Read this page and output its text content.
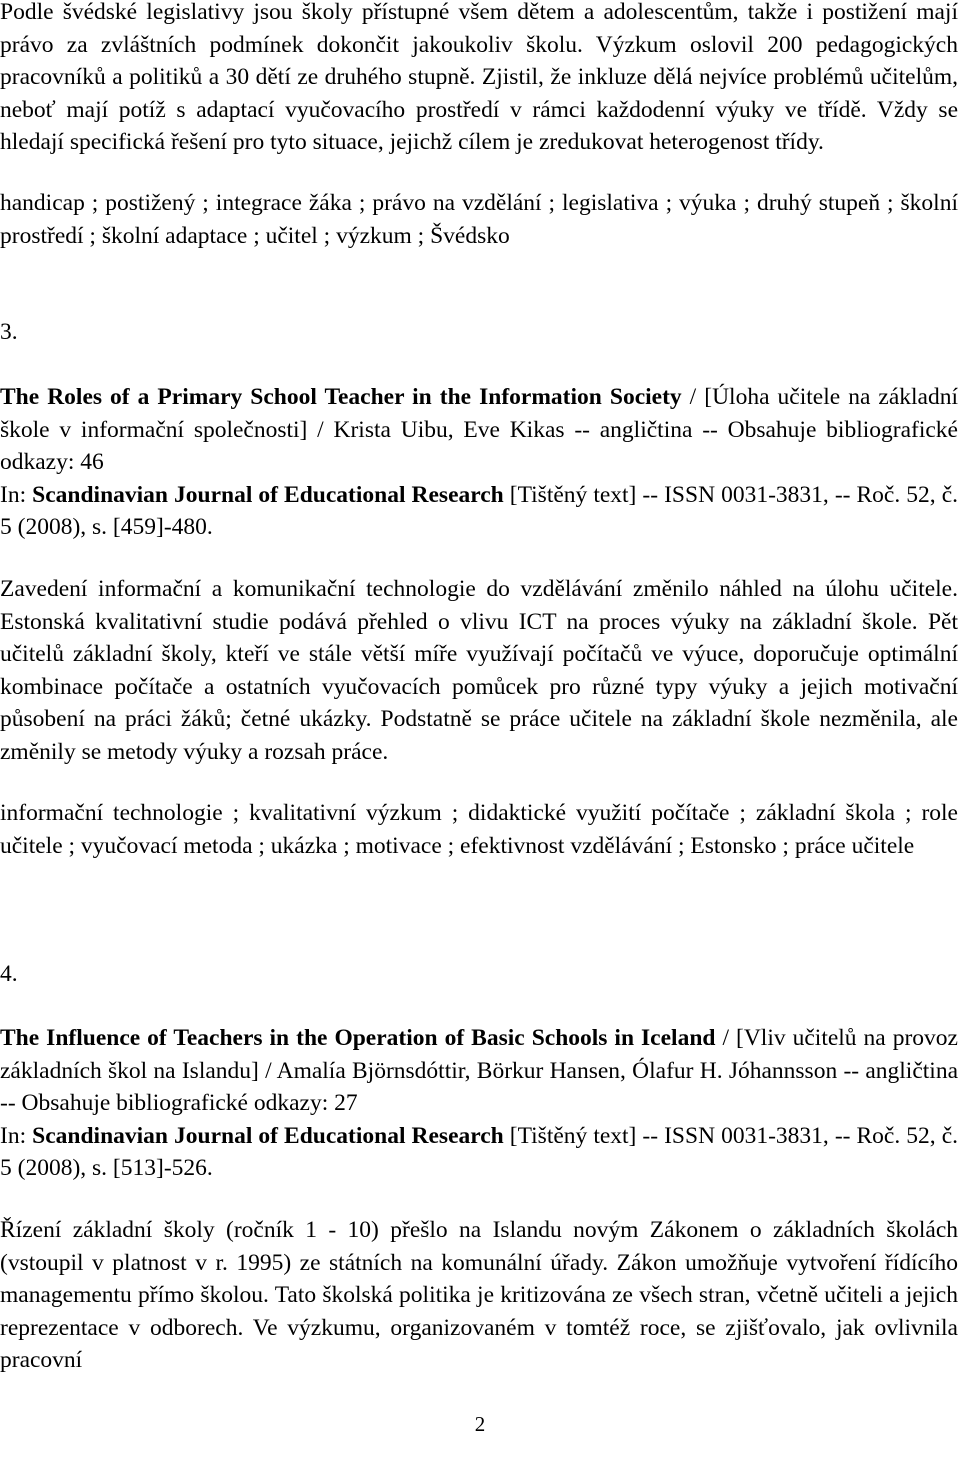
Podle švédské legislativy jsou školy přístupné všem dětem a adolescentům, takže i postižení mají právo za zvláštních podmínek dokončit jakoukoliv školu. Výzkum oslovil 200 pedagogických pracovníků a politiků a 30 dětí ze druhého stupně. Zjistil, že inkluze dělá nejvíce problémů učitelům, neboť mají potíž s adaptací vyučovacího prostředí v rámci každodenní výuky ve třídě. Vždy se hledají specifická řešení pro tyto situace, jejichž cílem je zredukovat heterogenost třídy.

handicap ; postižený ; integrace žáka ; právo na vzdělání ; legislativa ; výuka ; druhý stupeň ; školní prostředí ; školní adaptace ; učitel ; výzkum ; Švédsko

3.

The Roles of a Primary School Teacher in the Information Society / [Úloha učitele na základní škole v informační společnosti] / Krista Uibu, Eve Kikas -- angličtina -- Obsahuje bibliografické odkazy: 46
In: Scandinavian Journal of Educational Research [Tištěný text] -- ISSN 0031-3831, -- Roč. 52, č. 5 (2008), s. [459]-480.

Zavedení informační a komunikační technologie do vzdělávání změnilo náhled na úlohu učitele. Estonská kvalitativní studie podává přehled o vlivu ICT na proces výuky na základní škole. Pět učitelů základní školy, kteří ve stále větší míře využívají počítačů ve výuce, doporučuje optimální kombinace počítače a ostatních vyučovacích pomůcek pro různé typy výuky a jejich motivační působení na práci žáků; četné ukázky. Podstatně se práce učitele na základní škole nezměnila, ale změnily se metody výuky a rozsah práce.

informační technologie ; kvalitativní výzkum ; didaktické využití počítače ; základní škola ; role učitele ; vyučovací metoda ; ukázka ; motivace ; efektivnost vzdělávání ; Estonsko ; práce učitele

4.

The Influence of Teachers in the Operation of Basic Schools in Iceland / [Vliv učitelů na provoz základních škol na Islandu] / Amalía Björnsdóttir, Börkur Hansen, Ólafur H. Jóhannsson -- angličtina -- Obsahuje bibliografické odkazy: 27
In: Scandinavian Journal of Educational Research [Tištěný text] -- ISSN 0031-3831, -- Roč. 52, č. 5 (2008), s. [513]-526.

Řízení základní školy (ročník 1 - 10) přešlo na Islandu novým Zákonem o základních školách (vstoupil v platnost v r. 1995) ze státních na komunální úřady. Zákon umožňuje vytvoření řídícího managementu přímo školou. Tato školská politika je kritizována ze všech stran, včetně učiteli a jejich reprezentace v odborech. Ve výzkumu, organizovaném v tomtéž roce, se zjišťovalo, jak ovlivnila pracovní

2
